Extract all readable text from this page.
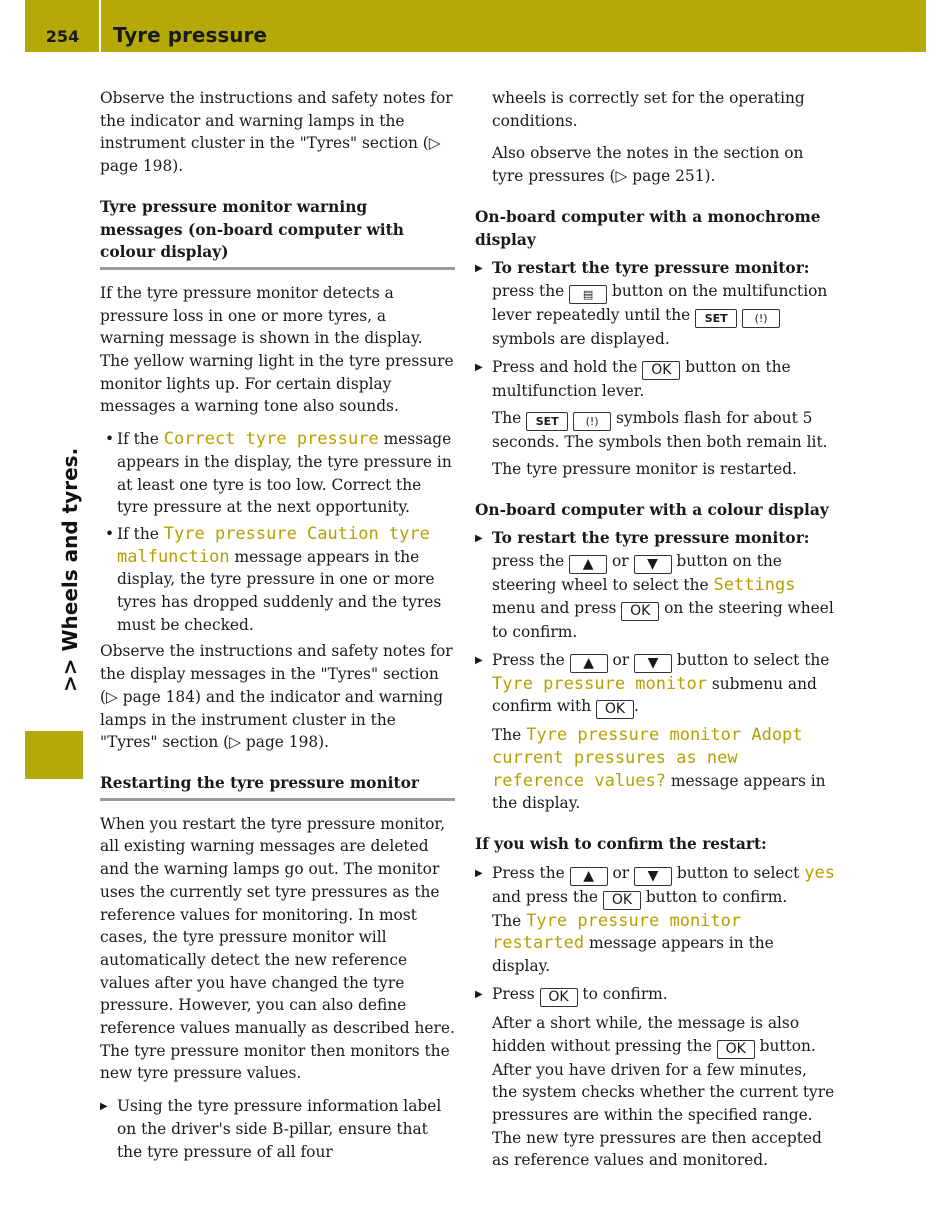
254	Tyre pressure
>> Wheels and tyres.

Observe the instructions and safety notes for the indicator and warning lamps in the instrument cluster in the "Tyres" section (▷ page 198).

Tyre pressure monitor warning messages (on-board computer with colour display)

If the tyre pressure monitor detects a pressure loss in one or more tyres, a warning message is shown in the display. The yellow warning light in the tyre pressure monitor lights up. For certain display messages a warning tone also sounds.

• If the Correct tyre pressure message appears in the display, the tyre pressure in at least one tyre is too low. Correct the tyre pressure at the next opportunity.
• If the Tyre pressure Caution tyre malfunction message appears in the display, the tyre pressure in one or more tyres has dropped suddenly and the tyres must be checked.

Observe the instructions and safety notes for the display messages in the "Tyres" section (▷ page 184) and the indicator and warning lamps in the instrument cluster in the "Tyres" section (▷ page 198).

Restarting the tyre pressure monitor

When you restart the tyre pressure monitor, all existing warning messages are deleted and the warning lamps go out. The monitor uses the currently set tyre pressures as the reference values for monitoring. In most cases, the tyre pressure monitor will automatically detect the new reference values after you have changed the tyre pressure. However, you can also define reference values manually as described here. The tyre pressure monitor then monitors the new tyre pressure values.

▶ Using the tyre pressure information label on the driver's side B-pillar, ensure that the tyre pressure of all four

wheels is correctly set for the operating conditions.

Also observe the notes in the section on tyre pressures (▷ page 251).

On-board computer with a monochrome display
▶ To restart the tyre pressure monitor:
press the ▤ button on the multifunction lever repeatedly until the SET (!) symbols are displayed.
▶ Press and hold the OK button on the multifunction lever.

The SET (!) symbols flash for about 5 seconds. The symbols then both remain lit.

The tyre pressure monitor is restarted.

On-board computer with a colour display
▶ To restart the tyre pressure monitor:
press the ▲ or ▼ button on the steering wheel to select the Settings menu and press OK on the steering wheel to confirm.
▶ Press the ▲ or ▼ button to select the Tyre pressure monitor submenu and confirm with OK .

The Tyre pressure monitor Adopt current pressures as new reference values? message appears in the display.

If you wish to confirm the restart:
▶ Press the ▲ or ▼ button to select yes and press the OK button to confirm.
The Tyre pressure monitor restarted message appears in the display.
▶ Press OK to confirm.

After a short while, the message is also hidden without pressing the OK button.

After you have driven for a few minutes, the system checks whether the current tyre pressures are within the specified range. The new tyre pressures are then accepted as reference values and monitored.
